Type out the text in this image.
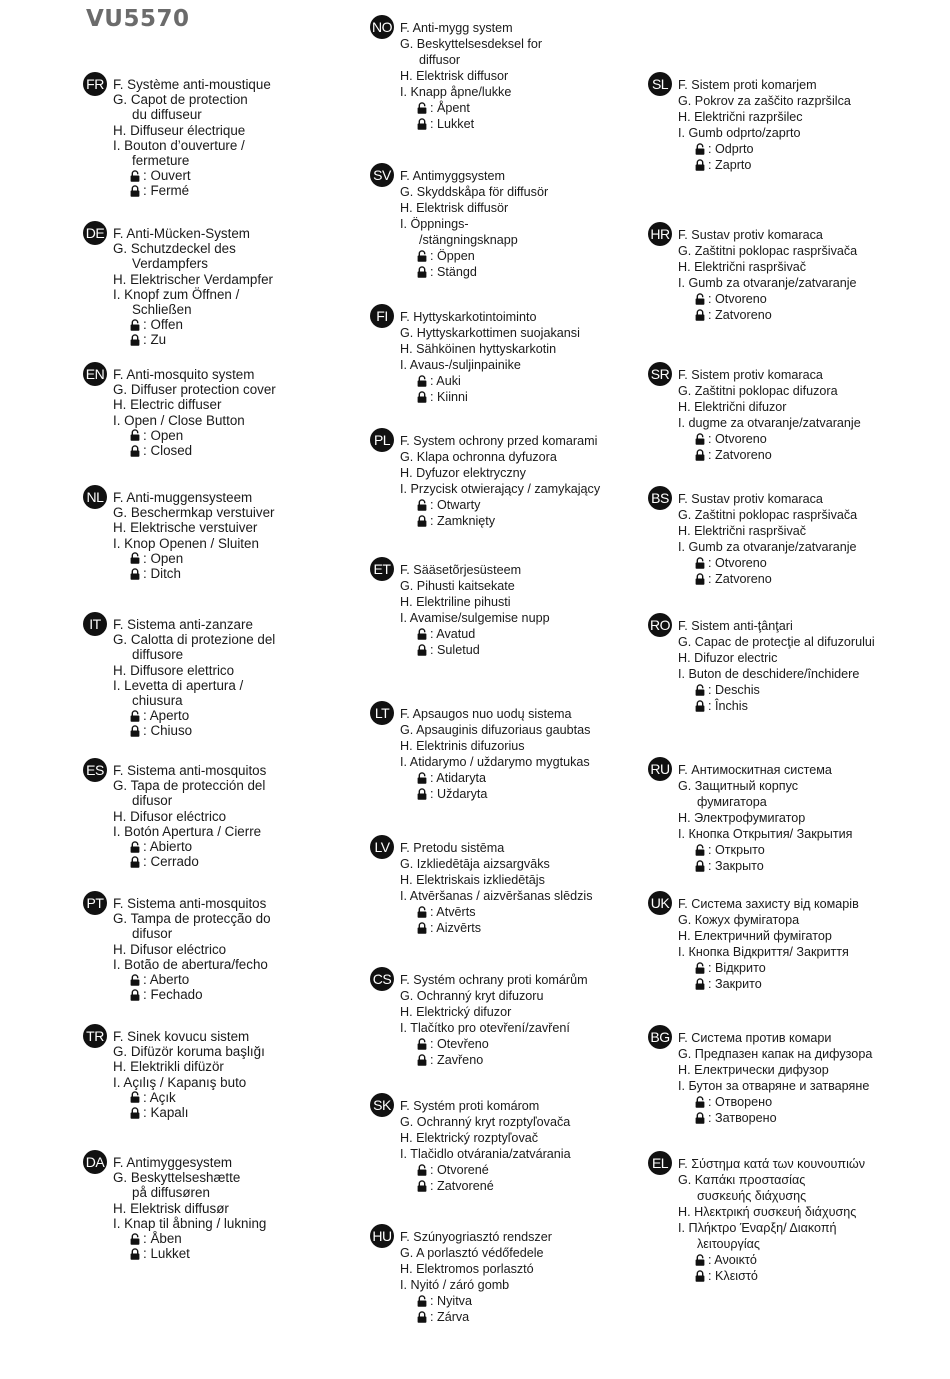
VU5570
FR F. Système anti-moustique
G. Capot de protection
du diffuseur
H. Diffuseur électrique
I. Bouton d’ouverture /
fermeture
: Ouvert
: Fermé
DE F. Anti-Mücken-System
G. Schutzdeckel des
Verdampfers
H. Elektrischer Verdampfer
I. Knopf zum Öffnen /
Schließen
: Offen
: Zu
EN F. Anti-mosquito system
G. Diffuser protection cover
H. Electric diffuser
I. Open / Close Button
: Open
: Closed
NL F. Anti-muggensysteem
G. Beschermkap verstuiver
H. Elektrische verstuiver
I. Knop Openen / Sluiten
: Open
: Ditch
IT F. Sistema anti-zanzare
G. Calotta di protezione del
diffusore
H. Diffusore elettrico
I. Levetta di apertura /
chiusura
: Aperto
: Chiuso
ES F. Sistema anti-mosquitos
G. Tapa de protección del
difusor
H. Difusor eléctrico
I. Botón Apertura / Cierre
: Abierto
: Cerrado
PT F. Sistema anti-mosquitos
G. Tampa de protecção do
difusor
H. Difusor eléctrico
I. Botão de abertura/fecho
: Aberto
: Fechado
TR F. Sinek kovucu sistem
G. Difüzör koruma başlığı
H. Elektrikli difüzör
I. Açılış / Kapanış buto
: Açık
: Kapalı
DA F. Antimyggesystem
G. Beskyttelseshætte
på diffusøren
H. Elektrisk diffusør
I. Knap til åbning / lukning
: Åben
: Lukket
NO F. Anti-mygg system
G. Beskyttelsesdeksel for
diffusor
H. Elektrisk diffusor
I. Knapp åpne/lukke
: Åpent
: Lukket
SV F. Antimyggsystem
G. Skyddskåpa för diffusör
H. Elektrisk diffusör
I. Öppnings-
/stängningsknapp
: Öppen
: Stängd
FI F. Hyttyskarkotintoiminto
G. Hyttyskarkottimen suojakansi
H. Sähköinen hyttyskarkotin
I. Avaus-/suljinpainike
: Auki
: Kiinni
PL F. System ochrony przed komarami
G. Klapa ochronna dyfuzora
H. Dyfuzor elektryczny
I. Przycisk otwierający / zamykający
: Otwarty
: Zamknięty
ET F. Sääsetõrjesüsteem
G. Pihusti kaitsekate
H. Elektriline pihusti
I. Avamise/sulgemise nupp
: Avatud
: Suletud
LT F. Apsaugos nuo uodų sistema
G. Apsauginis difuzoriaus gaubtas
H. Elektrinis difuzorius
I. Atidarymo / uždarymo mygtukas
: Atidaryta
: Uždaryta
LV F. Pretodu sistēma
G. Izkliedētāja aizsargvāks
H. Elektriskais izkliedētājs
I. Atvēršanas / aizvēršanas slēdzis
: Atvērts
: Aizvērts
CS F. Systém ochrany proti komárům
G. Ochranný kryt difuzoru
H. Elektrický difuzor
I. Tlačítko pro otevření/zavření
: Otevřeno
: Zavřeno
SK F. Systém proti komárom
G. Ochranný kryt rozptyľovača
H. Elektrický rozptyľovač
I. Tlačidlo otvárania/zatvárania
: Otvorené
: Zatvorené
HU F. Szúnyogriasztó rendszer
G. A porlasztó védőfedele
H. Elektromos porlasztó
I. Nyitó / záró gomb
: Nyitva
: Zárva
SL F. Sistem proti komarjem
G. Pokrov za zaščito razpršilca
H. Električni razpršilec
I. Gumb odprto/zaprto
: Odprto
: Zaprto
HR F. Sustav protiv komaraca
G. Zaštitni poklopac raspršivača
H. Električni raspršivač
I. Gumb za otvaranje/zatvaranje
: Otvoreno
: Zatvoreno
SR F. Sistem protiv komaraca
G. Zaštitni poklopac difuzora
H. Električni difuzor
I. dugme za otvaranje/zatvaranje
: Otvoreno
: Zatvoreno
BS F. Sustav protiv komaraca
G. Zaštitni poklopac raspršivača
H. Električni raspršivač
I. Gumb za otvaranje/zatvaranje
: Otvoreno
: Zatvoreno
RO F. Sistem anti-ţânţari
G. Capac de protecţie al difuzorului
H. Difuzor electric
I. Buton de deschidere/închidere
: Deschis
: Închis
RU F. Антимоскитная система
G. Защитный корпус
фумигатора
H. Электрофумигатор
I. Кнопка Открытия/ Закрытия
: Открыто
: Закрыто
UK F. Система захисту від комарів
G. Кожух фумігатора
H. Електричний фумігатор
I. Кнопка Відкриття/ Закриття
: Відкрито
: Закрито
BG F. Система против комари
G. Предпазен капак на дифузора
H. Електрически дифузор
I. Бутон за отваряне и затваряне
: Отворено
: Затворено
EL F. Σύστημα κατά των κουνουπιών
G. Καπάκι προστασίας
συσκευής διάχυσης
H. Ηλεκτρική συσκευή διάχυσης
I. Πλήκτρο Έναρξη/ Διακοπή
λειτουργίας
: Ανοικτό
: Κλειστό
